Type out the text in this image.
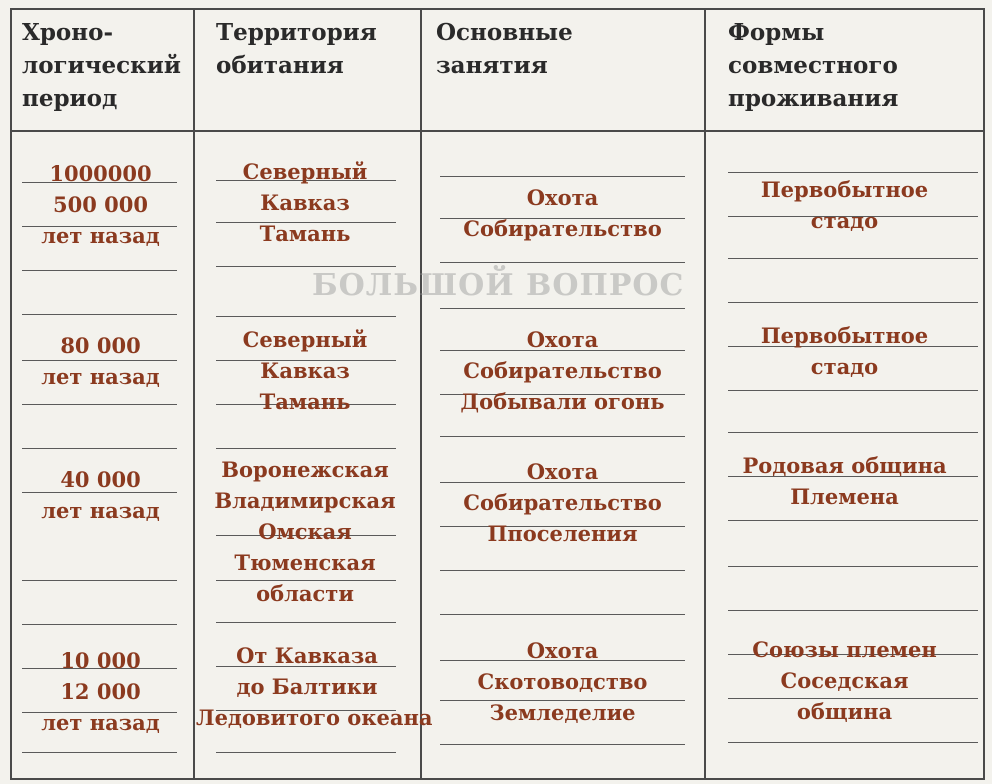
Хроно-
логический
период
Территория
обитания
Основные
занятия
Формы
совместного
проживания
БОЛЬШОЙ ВОПРОС
1000000
500 000
лет назад
Северный
Кавказ
Тамань
Охота
Собирательство
Первобытное
стадо
80 000
лет назад
Северный
Кавказ
Тамань
Охота
Собирательство
Добывали огонь
Первобытное
стадо
40 000
лет назад
Воронежская
Владимирская
Омская
Тюменская
области
Охота
Собирательство
Ппоселения
Родовая община
Племена
10 000
12 000
лет назад
От Кавказа
до Балтики
Ледовитого океана
Охота
Скотоводство
Земледелие
Союзы племен
Соседская
община
